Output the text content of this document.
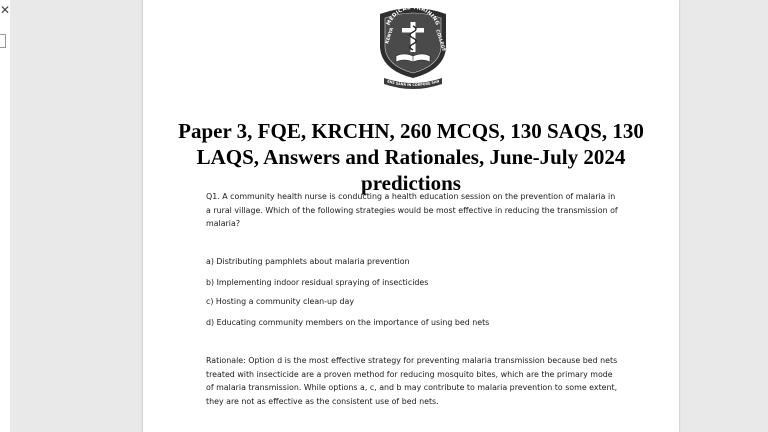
✕
MEDICAL TRAINING
KENYA	COLLEGE
ENS SANA IN CORPORE SAN
Paper 3, FQE, KRCHN, 260 MCQS, 130 SAQS, 130 LAQS, Answers and Rationales, June-July 2024 predictions

Q1. A community health nurse is conducting a health education session on the prevention of malaria in a rural village. Which of the following strategies would be most effective in reducing the transmission of malaria?

a) Distributing pamphlets about malaria prevention

b) Implementing indoor residual spraying of insecticides

c) Hosting a community clean-up day

d) Educating community members on the importance of using bed nets

Rationale: Option d is the most effective strategy for preventing malaria transmission because bed nets treated with insecticide are a proven method for reducing mosquito bites, which are the primary mode of malaria transmission. While options a, c, and b may contribute to malaria prevention to some extent, they are not as effective as the consistent use of bed nets.
